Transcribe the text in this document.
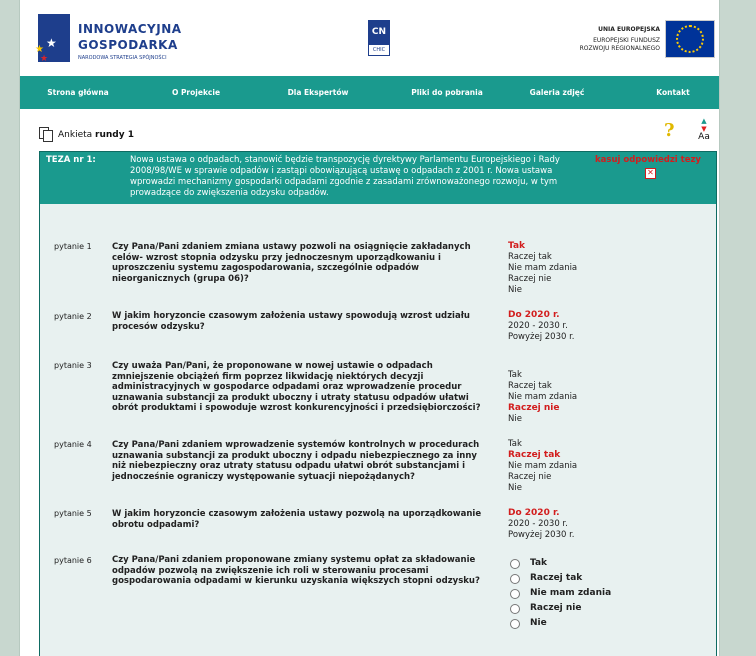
★
★
★
INNOWACYJNA
GOSPODARKA
NARODOWA STRATEGIA SPÓJNOŚCI
CN
CHIC
UNIA EUROPEJSKA
EUROPEJSKI FUNDUSZ
ROZWOJU REGIONALNEGO
Strona główna	O Projekcie	Dla Ekspertów	Pliki do pobrania	Galeria zdjęć	Kontakt
Ankieta rundy 1	?	▲
▼
Aa
TEZA nr 1:	Nowa ustawa o odpadach, stanowić będzie transpozycję dyrektywy Parlamentu Europejskiego i Rady 2008/98/WE w sprawie odpadów i zastąpi obowiązującą ustawę o odpadach z 2001 r. Nowa ustawa wprowadzi mechanizmy gospodarki odpadami zgodnie z zasadami zrównoważonego rozwoju, w tym prowadzące do zwiększenia odzysku odpadów.
kasuj odpowiedzi tezy
✕
pytanie 1 Czy Pana/Pani zdaniem zmiana ustawy pozwoli na osiągnięcie zakładanych celów- wzrost stopnia odzysku przy jednoczesnym uporządkowaniu i uproszczeniu systemu zagospodarowania, szczególnie odpadów nieorganicznych (grupa 06)?
Tak
Raczej tak
Nie mam zdania
Raczej nie
Nie
pytanie 2 W jakim horyzoncie czasowym założenia ustawy spowodują wzrost udziału procesów odzysku?
Do 2020 r.
2020 - 2030 r.
Powyżej 2030 r.
pytanie 3 Czy uważa Pan/Pani, że proponowane w nowej ustawie o odpadach zmniejszenie obciążeń firm poprzez likwidację niektórych decyzji administracyjnych w gospodarce odpadami oraz wprowadzenie procedur uznawania substancji za produkt uboczny i utraty statusu odpadów ułatwi obrót produktami i spowoduje wzrost konkurencyjności i przedsiębiorczości?
Tak
Raczej tak
Nie mam zdania
Raczej nie
Nie
pytanie 4 Czy Pana/Pani zdaniem wprowadzenie systemów kontrolnych w procedurach uznawania substancji za produkt uboczny i odpadu niebezpiecznego za inny niż niebezpieczny oraz utraty statusu odpadu ułatwi obrót substancjami i jednocześnie ograniczy występowanie sytuacji niepożądanych?
Tak
Raczej tak
Nie mam zdania
Raczej nie
Nie
pytanie 5 W jakim horyzoncie czasowym założenia ustawy pozwolą na uporządkowanie obrotu odpadami?
Do 2020 r.
2020 - 2030 r.
Powyżej 2030 r.
pytanie 6 Czy Pana/Pani zdaniem proponowane zmiany systemu opłat za składowanie odpadów pozwolą na zwiększenie ich roli w sterowaniu procesami gospodarowania odpadami w kierunku uzyskania większych stopni odzysku?
Tak
Raczej tak
Nie mam zdania
Raczej nie
Nie
